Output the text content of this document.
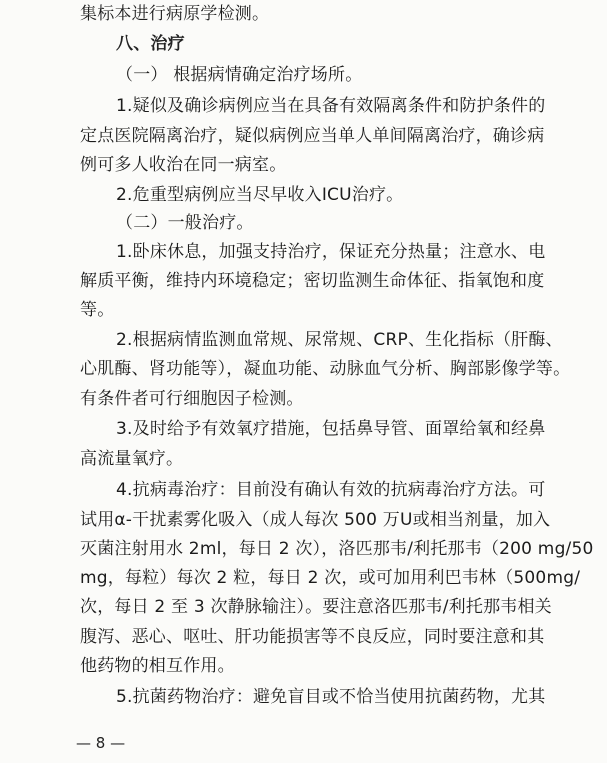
集标本进行病原学检测。
八、治疗
（一） 根据病情确定治疗场所。
1.疑似及确诊病例应当在具备有效隔离条件和防护条件的
定点医院隔离治疗，疑似病例应当单人单间隔离治疗，确诊病
例可多人收治在同一病室。
2.危重型病例应当尽早收入ICU治疗。
（二）一般治疗。
1.卧床休息，加强支持治疗，保证充分热量；注意水、电
解质平衡，维持内环境稳定；密切监测生命体征、指氧饱和度
等。
2.根据病情监测血常规、尿常规、CRP、生化指标（肝酶、
心肌酶、肾功能等），凝血功能、动脉血气分析、胸部影像学等。
有条件者可行细胞因子检测。
3.及时给予有效氧疗措施，包括鼻导管、面罩给氧和经鼻
高流量氧疗。
4.抗病毒治疗：目前没有确认有效的抗病毒治疗方法。可
试用α-干扰素雾化吸入（成人每次 500 万U或相当剂量，加入
灭菌注射用水 2ml，每日 2 次），洛匹那韦/利托那韦（200 mg/50
mg，每粒）每次 2 粒，每日 2 次，或可加用利巴韦林（500mg/
次，每日 2 至 3 次静脉输注）。要注意洛匹那韦/利托那韦相关
腹泻、恶心、呕吐、肝功能损害等不良反应，同时要注意和其
他药物的相互作用。
5.抗菌药物治疗：避免盲目或不恰当使用抗菌药物，尤其
— 8 —
